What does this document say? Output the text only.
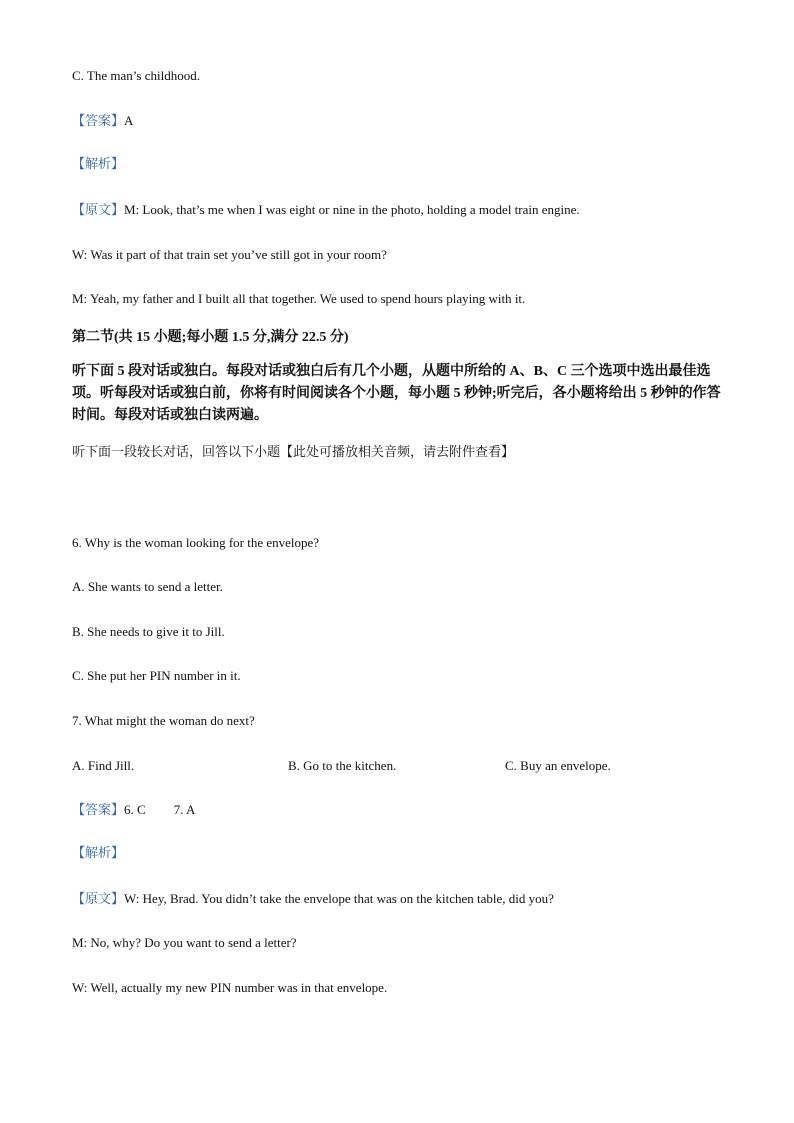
C. The man’s childhood.
【答案】A
【解析】
【原文】M: Look, that’s me when I was eight or nine in the photo, holding a model train engine.
W: Was it part of that train set you’ve still got in your room?
M: Yeah, my father and I built all that together. We used to spend hours playing with it.
第二节(共 15 小题;每小题 1.5 分,满分 22.5 分)
听下面 5 段对话或独白。每段对话或独白后有几个小题，从题中所给的 A、B、C 三个选项中选出最佳选项。听每段对话或独白前，你将有时间阅读各个小题，每小题 5 秒钟;听完后，各小题将给出 5 秒钟的作答时间。每段对话或独白读两遍。
听下面一段较长对话，回答以下小题【此处可播放相关音频，请去附件查看】
6. Why is the woman looking for the envelope?
A. She wants to send a letter.
B. She needs to give it to Jill.
C. She put her PIN number in it.
7. What might the woman do next?
A. Find Jill.	B. Go to the kitchen.	C. Buy an envelope.
【答案】6. C 7. A
【解析】
【原文】W: Hey, Brad. You didn’t take the envelope that was on the kitchen table, did you?
M: No, why? Do you want to send a letter?
W: Well, actually my new PIN number was in that envelope.
